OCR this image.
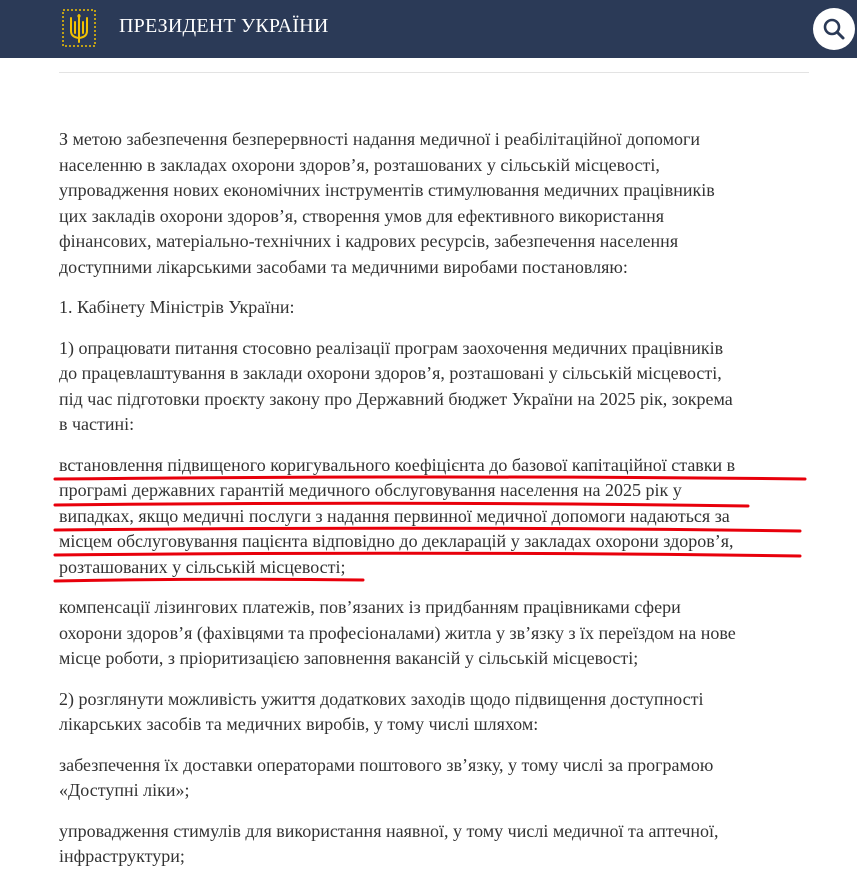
ПРЕЗИДЕНТ УКРАЇНИ

З метою забезпечення безперервності надання медичної і реабілітаційної допомоги

населенню в закладах охорони здоров’я, розташованих у сільській місцевості,

упровадження нових економічних інструментів стимулювання медичних працівників

цих закладів охорони здоров’я, створення умов для ефективного використання

фінансових, матеріально-технічних і кадрових ресурсів, забезпечення населення

доступними лікарськими засобами та медичними виробами постановляю:

1. Кабінету Міністрів України:

1) опрацювати питання стосовно реалізації програм заохочення медичних працівників

до працевлаштування в заклади охорони здоров’я, розташовані у сільській місцевості,

під час підготовки проєкту закону про Державний бюджет України на 2025 рік, зокрема

в частині:

встановлення підвищеного коригувального коефіцієнта до базової капітаційної ставки в

програмі державних гарантій медичного обслуговування населення на 2025 рік у

випадках, якщо медичні послуги з надання первинної медичної допомоги надаються за

місцем обслуговування пацієнта відповідно до декларацій у закладах охорони здоров’я,

розташованих у сільській місцевості;

компенсації лізингових платежів, пов’язаних із придбанням працівниками сфери

охорони здоров’я (фахівцями та професіоналами) житла у зв’язку з їх переїздом на нове

місце роботи, з пріоритизацією заповнення вакансій у сільській місцевості;

2) розглянути можливість ужиття додаткових заходів щодо підвищення доступності

лікарських засобів та медичних виробів, у тому числі шляхом:

забезпечення їх доставки операторами поштового зв’язку, у тому числі за програмою

«Доступні ліки»;

упровадження стимулів для використання наявної, у тому числі медичної та аптечної,

інфраструктури;
